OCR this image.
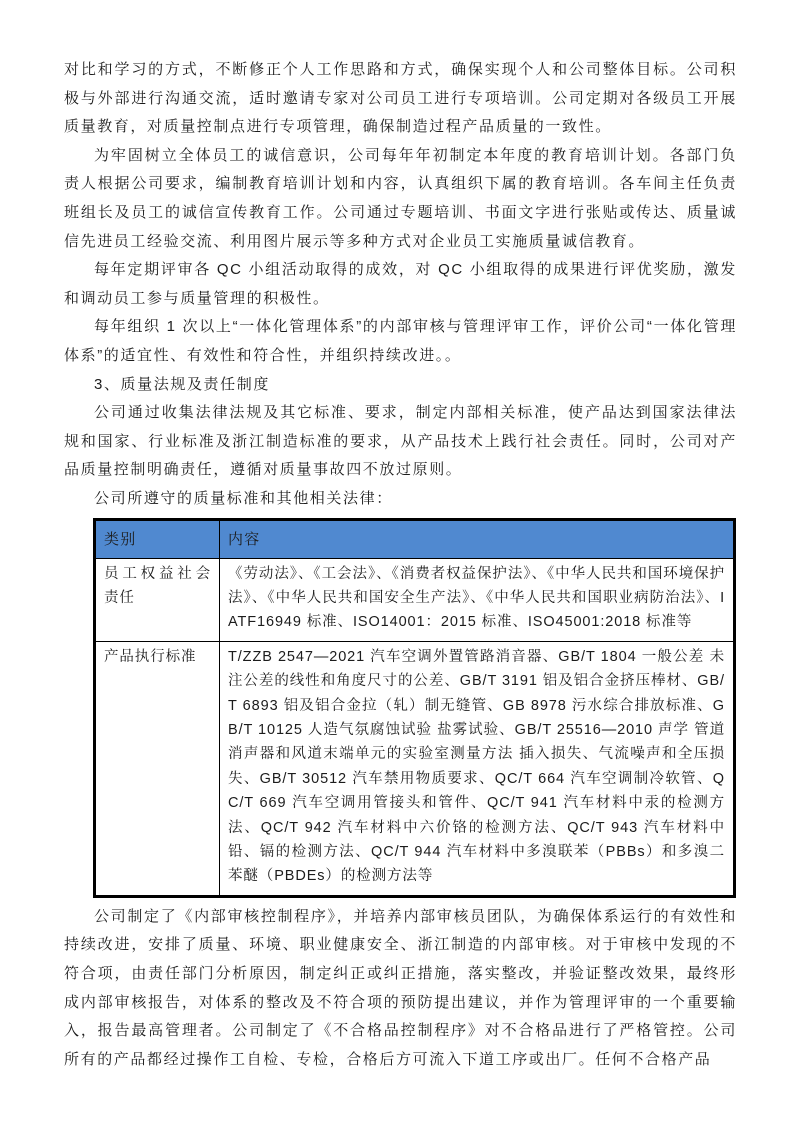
对比和学习的方式，不断修正个人工作思路和方式，确保实现个人和公司整体目标。公司积极与外部进行沟通交流，适时邀请专家对公司员工进行专项培训。公司定期对各级员工开展质量教育，对质量控制点进行专项管理，确保制造过程产品质量的一致性。

为牢固树立全体员工的诚信意识，公司每年年初制定本年度的教育培训计划。各部门负责人根据公司要求，编制教育培训计划和内容，认真组织下属的教育培训。各车间主任负责班组长及员工的诚信宣传教育工作。公司通过专题培训、书面文字进行张贴或传达、质量诚信先进员工经验交流、利用图片展示等多种方式对企业员工实施质量诚信教育。

每年定期评审各 QC 小组活动取得的成效，对 QC 小组取得的成果进行评优奖励，激发和调动员工参与质量管理的积极性。

每年组织 1 次以上“一体化管理体系”的内部审核与管理评审工作，评价公司“一体化管理体系”的适宜性、有效性和符合性，并组织持续改进。。

3、质量法规及责任制度

公司通过收集法律法规及其它标准、要求，制定内部相关标准，使产品达到国家法律法规和国家、行业标准及浙江制造标准的要求，从产品技术上践行社会责任。同时，公司对产品质量控制明确责任，遵循对质量事故四不放过原则。

公司所遵守的质量标准和其他相关法律：

类别	内容
员工权益社会责任	《劳动法》、《工会法》、《消费者权益保护法》、《中华人民共和国环境保护法》、《中华人民共和国安全生产法》、《中华人民共和国职业病防治法》、IATF16949 标准、ISO14001：2015 标准、ISO45001:2018 标准等
产品执行标准	T/ZZB 2547—2021 汽车空调外置管路消音器、GB/T 1804 一般公差 未注公差的线性和角度尺寸的公差、GB/T 3191 铝及铝合金挤压棒材、GB/T 6893 铝及铝合金拉（轧）制无缝管、GB 8978 污水综合排放标准、GB/T 10125 人造气氛腐蚀试验 盐雾试验、GB/T 25516—2010 声学 管道消声器和风道末端单元的实验室测量方法 插入损失、气流噪声和全压损失、GB/T 30512 汽车禁用物质要求、QC/T 664 汽车空调制冷软管、QC/T 669 汽车空调用管接头和管件、QC/T 941 汽车材料中汞的检测方法、QC/T 942 汽车材料中六价铬的检测方法、QC/T 943 汽车材料中铅、镉的检测方法、QC/T 944 汽车材料中多溴联苯（PBBs）和多溴二苯醚（PBDEs）的检测方法等

公司制定了《内部审核控制程序》，并培养内部审核员团队，为确保体系运行的有效性和持续改进，安排了质量、环境、职业健康安全、浙江制造的内部审核。对于审核中发现的不符合项，由责任部门分析原因，制定纠正或纠正措施，落实整改，并验证整改效果，最终形成内部审核报告，对体系的整改及不符合项的预防提出建议，并作为管理评审的一个重要输入，报告最高管理者。公司制定了《不合格品控制程序》对不合格品进行了严格管控。公司所有的产品都经过操作工自检、专检，合格后方可流入下道工序或出厂。任何不合格产品
